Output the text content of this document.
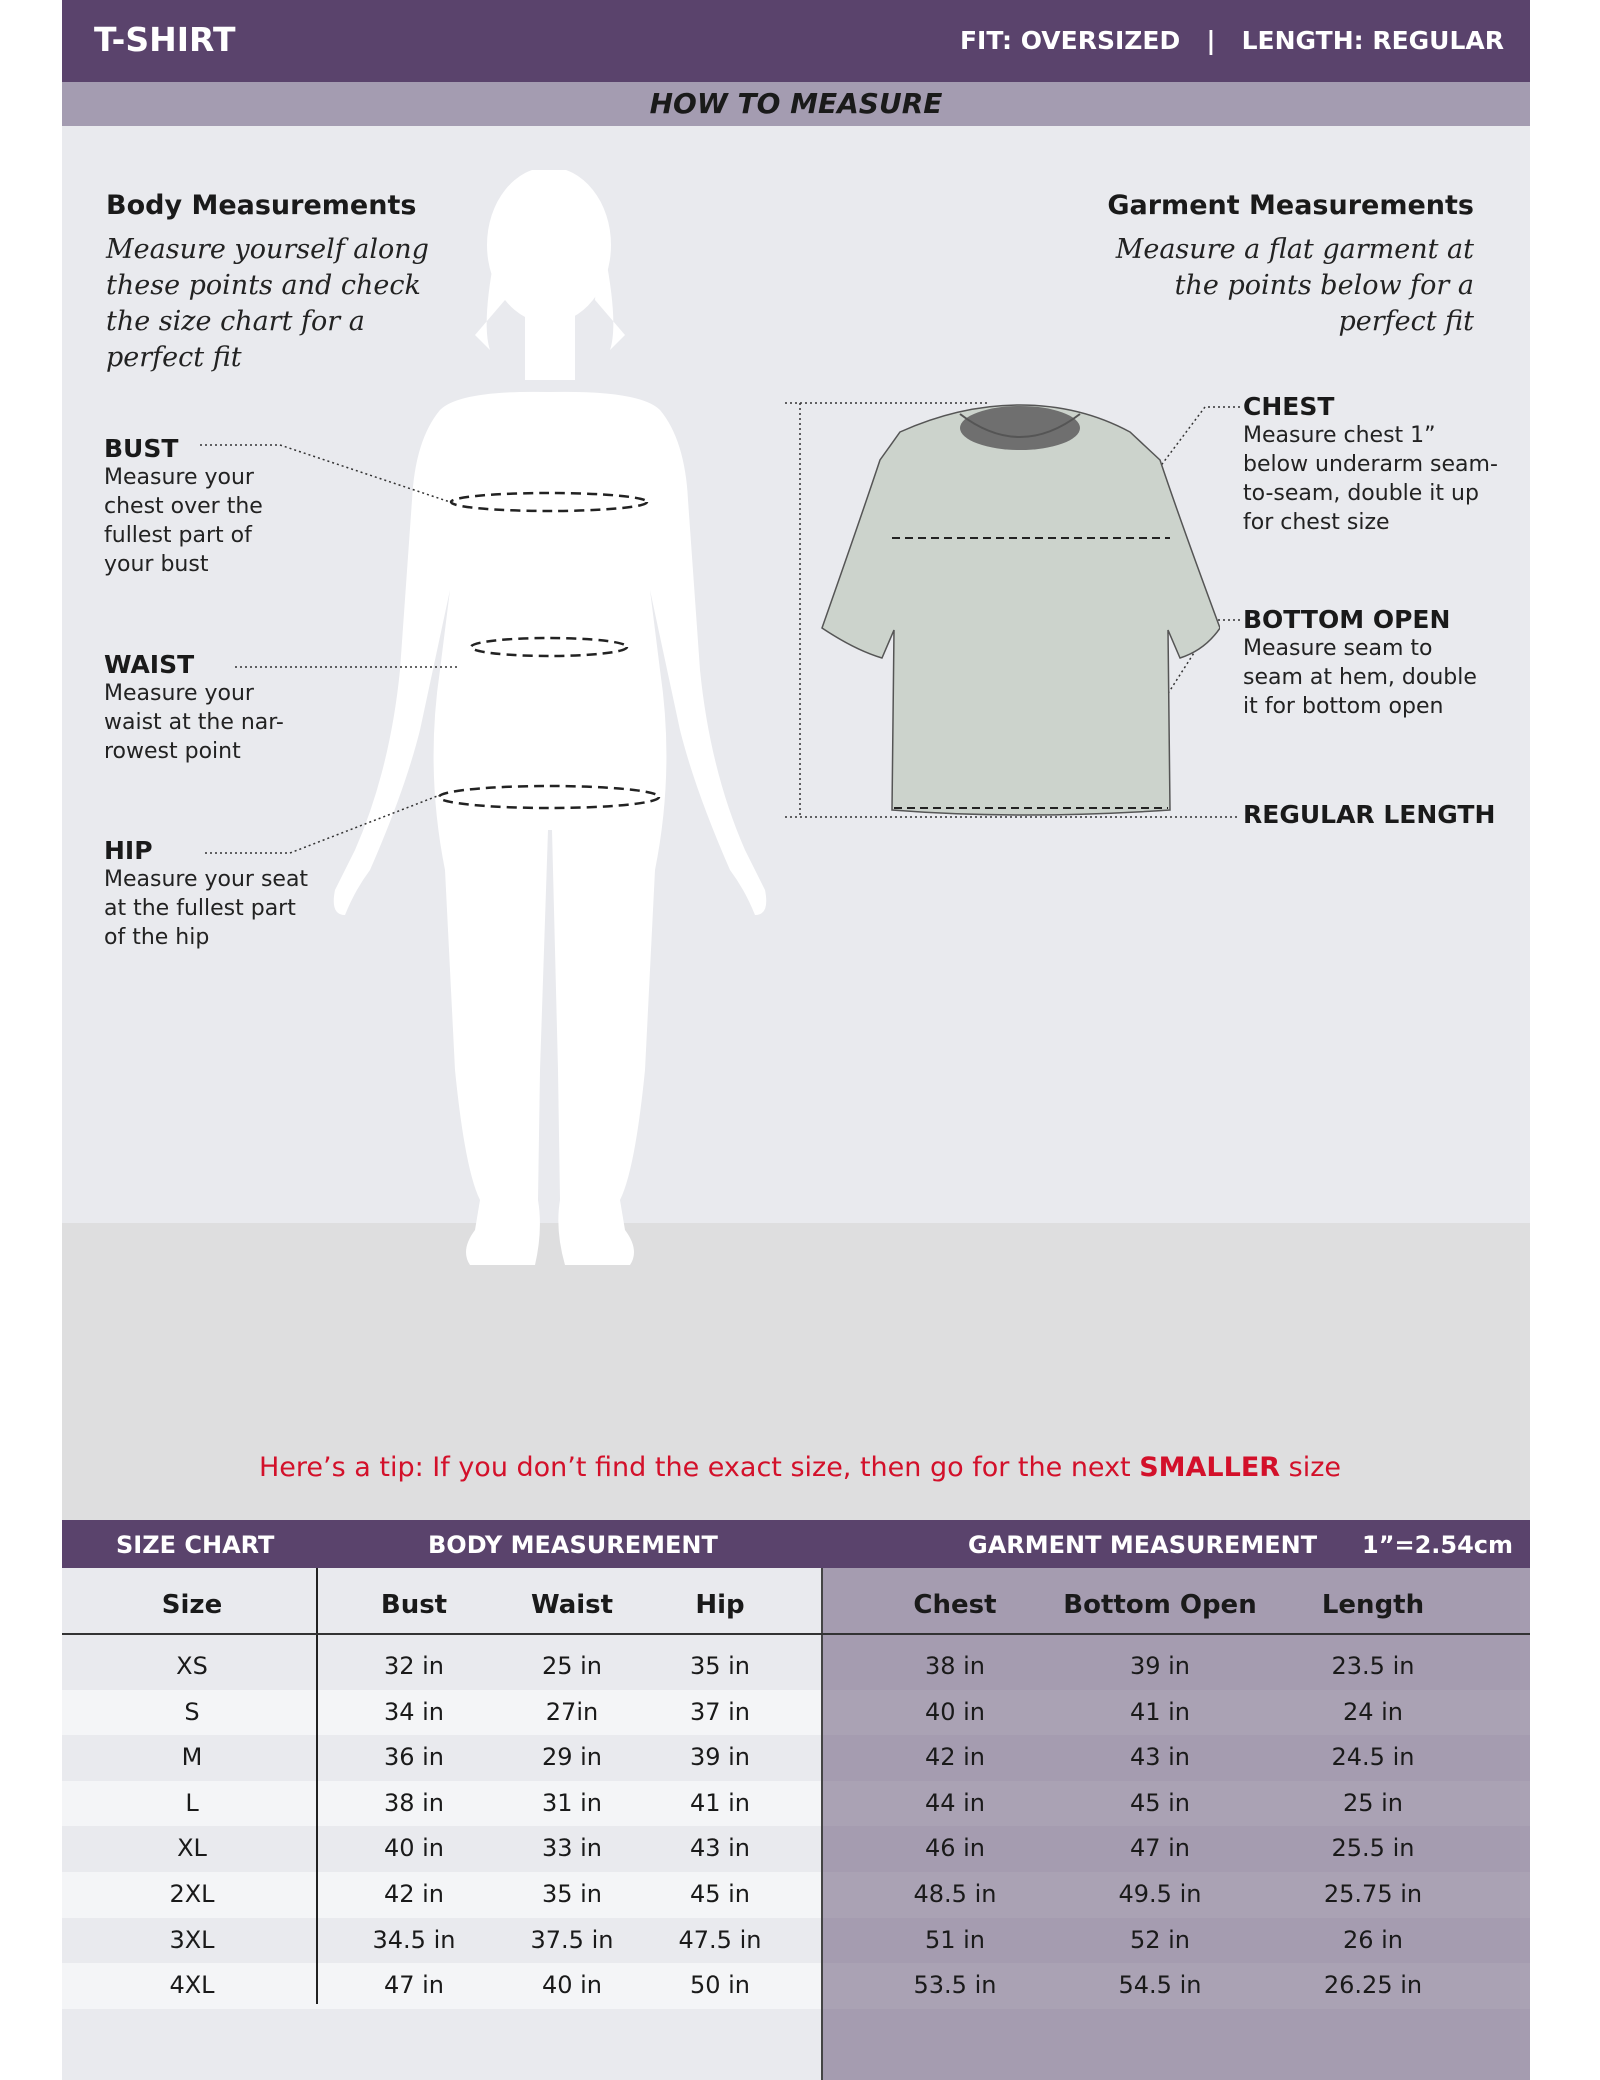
T-SHIRT	FIT: OVERSIZED | LENGTH: REGULAR
HOW TO MEASURE
Body Measurements
Measure yourself along these points and check the size chart for a perfect fit
BUST
Measure your chest over the fullest part of your bust
WAIST
Measure your waist at the nar-rowest point
HIP
Measure your seat at the fullest part of the hip
Garment Measurements
Measure a flat garment at the points below for a perfect fit
CHEST
Measure chest 1” below underarm seam-to-seam, double it up for chest size
BOTTOM OPEN
Measure seam to seam at hem, double it for bottom open
REGULAR LENGTH
Here’s a tip: If you don’t find the exact size, then go for the next SMALLER size
SIZE CHART	BODY MEASUREMENT	GARMENT MEASUREMENT 1”=2.54cm
XS	32 in	25 in	35 in	38 in	39 in	23.5 in
S	34 in	27in	37 in	40 in	41 in	24 in
M	36 in	29 in	39 in	42 in	43 in	24.5 in
L	38 in	31 in	41 in	44 in	45 in	25 in
XL	40 in	33 in	43 in	46 in	47 in	25.5 in
2XL	42 in	35 in	45 in	48.5 in	49.5 in	25.75 in
3XL	34.5 in	37.5 in	47.5 in	51 in	52 in	26 in
4XL	47 in	40 in	50 in	53.5 in	54.5 in	26.25 in
Size	Bust	Waist	Hip	Chest	Bottom Open	Length
